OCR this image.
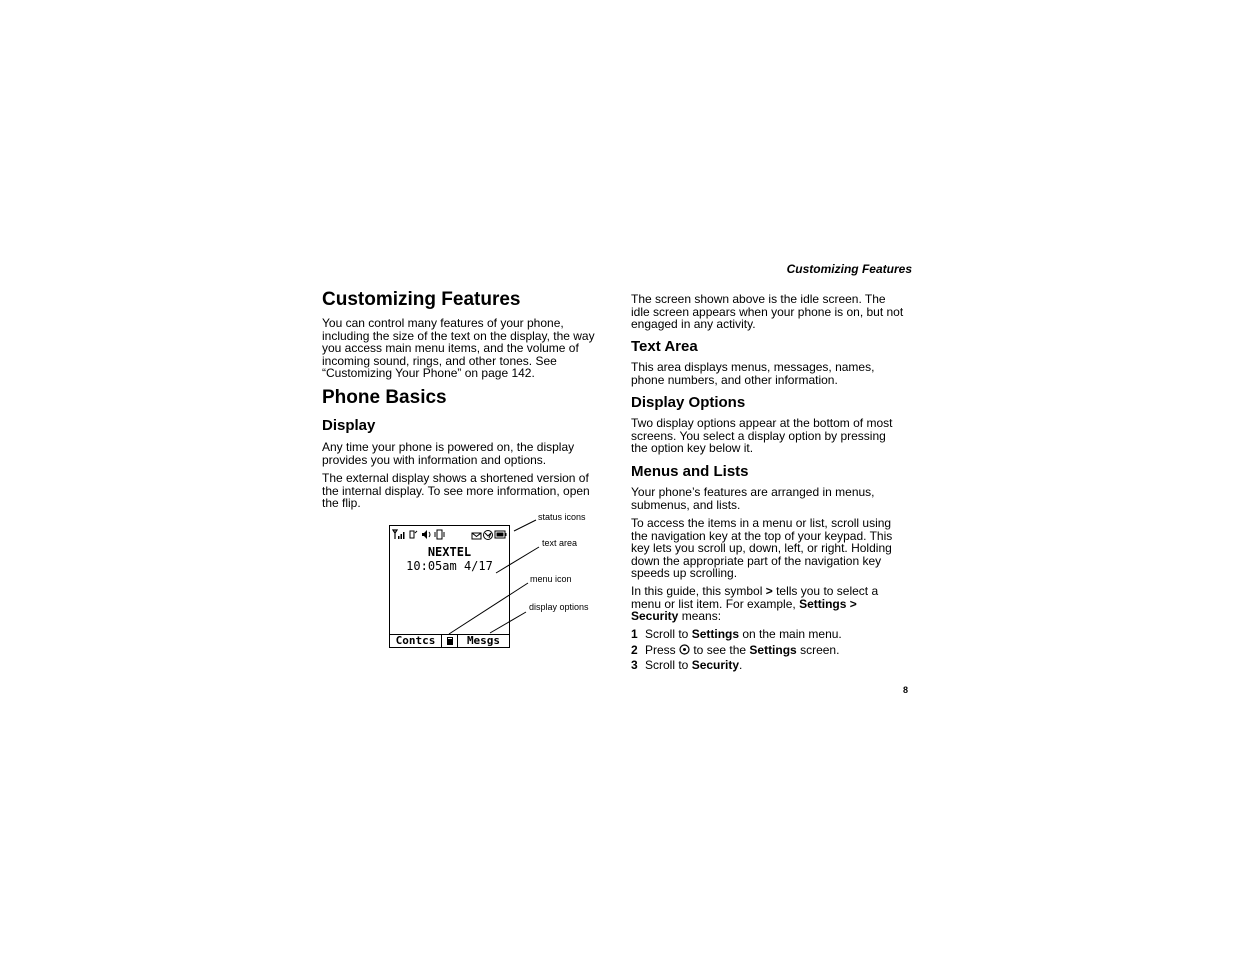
Customizing Features
Customizing Features

You can control many features of your phone,

including the size of the text on the display, the way

you access main menu items, and the volume of

incoming sound, rings, and other tones. See

“Customizing Your Phone” on page 142.

Phone Basics
Display

Any time your phone is powered on, the display

provides you with information and options.

The external display shows a shortened version of

the internal display. To see more information, open

the flip.

NEXTEL
10:05am 4/17
Contcs	Mesgs
status icons
text area
menu icon
display options

The screen shown above is the idle screen. The

idle screen appears when your phone is on, but not

engaged in any activity.

Text Area

This area displays menus, messages, names,

phone numbers, and other information.

Display Options

Two display options appear at the bottom of most

screens. You select a display option by pressing

the option key below it.

Menus and Lists

Your phone’s features are arranged in menus,

submenus, and lists.

To access the items in a menu or list, scroll using

the navigation key at the top of your keypad. This

key lets you scroll up, down, left, or right. Holding

down the appropriate part of the navigation key

speeds up scrolling.

In this guide, this symbol > tells you to select a

menu or list item. For example, Settings >

Security means:

1 Scroll to Settings on the main menu.
2 Press  to see the Settings screen.
3 Scroll to Security.
8
